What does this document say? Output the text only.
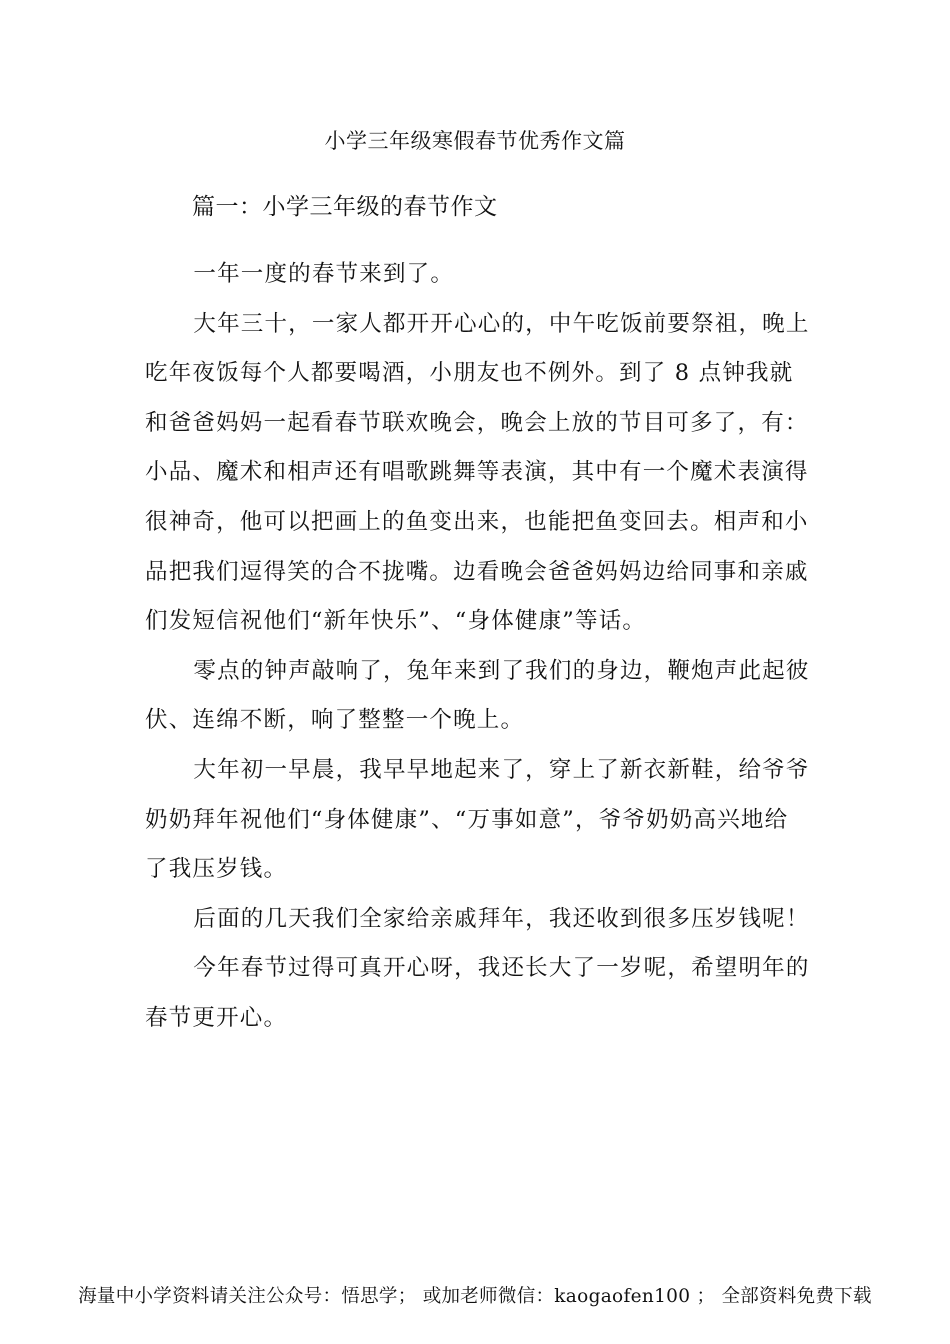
小学三年级寒假春节优秀作文篇
篇一：小学三年级的春节作文

一年一度的春节来到了。

大年三十，一家人都开开心心的，中午吃饭前要祭祖，晚上吃年夜饭每个人都要喝酒，小朋友也不例外。到了 8 点钟我就和爸爸妈妈一起看春节联欢晚会，晚会上放的节目可多了，有：小品、魔术和相声还有唱歌跳舞等表演，其中有一个魔术表演得很神奇，他可以把画上的鱼变出来，也能把鱼变回去。相声和小品把我们逗得笑的合不拢嘴。边看晚会爸爸妈妈边给同事和亲戚们发短信祝他们“新年快乐”、“身体健康”等话。

零点的钟声敲响了，兔年来到了我们的身边，鞭炮声此起彼伏、连绵不断，响了整整一个晚上。

大年初一早晨，我早早地起来了，穿上了新衣新鞋，给爷爷奶奶拜年祝他们“身体健康”、“万事如意”，爷爷奶奶高兴地给了我压岁钱。

后面的几天我们全家给亲戚拜年，我还收到很多压岁钱呢！

今年春节过得可真开心呀，我还长大了一岁呢，希望明年的春节更开心。

海量中小学资料请关注公众号：悟思学； 或加老师微信：kaogaofen100 ； 全部资料免费下载
